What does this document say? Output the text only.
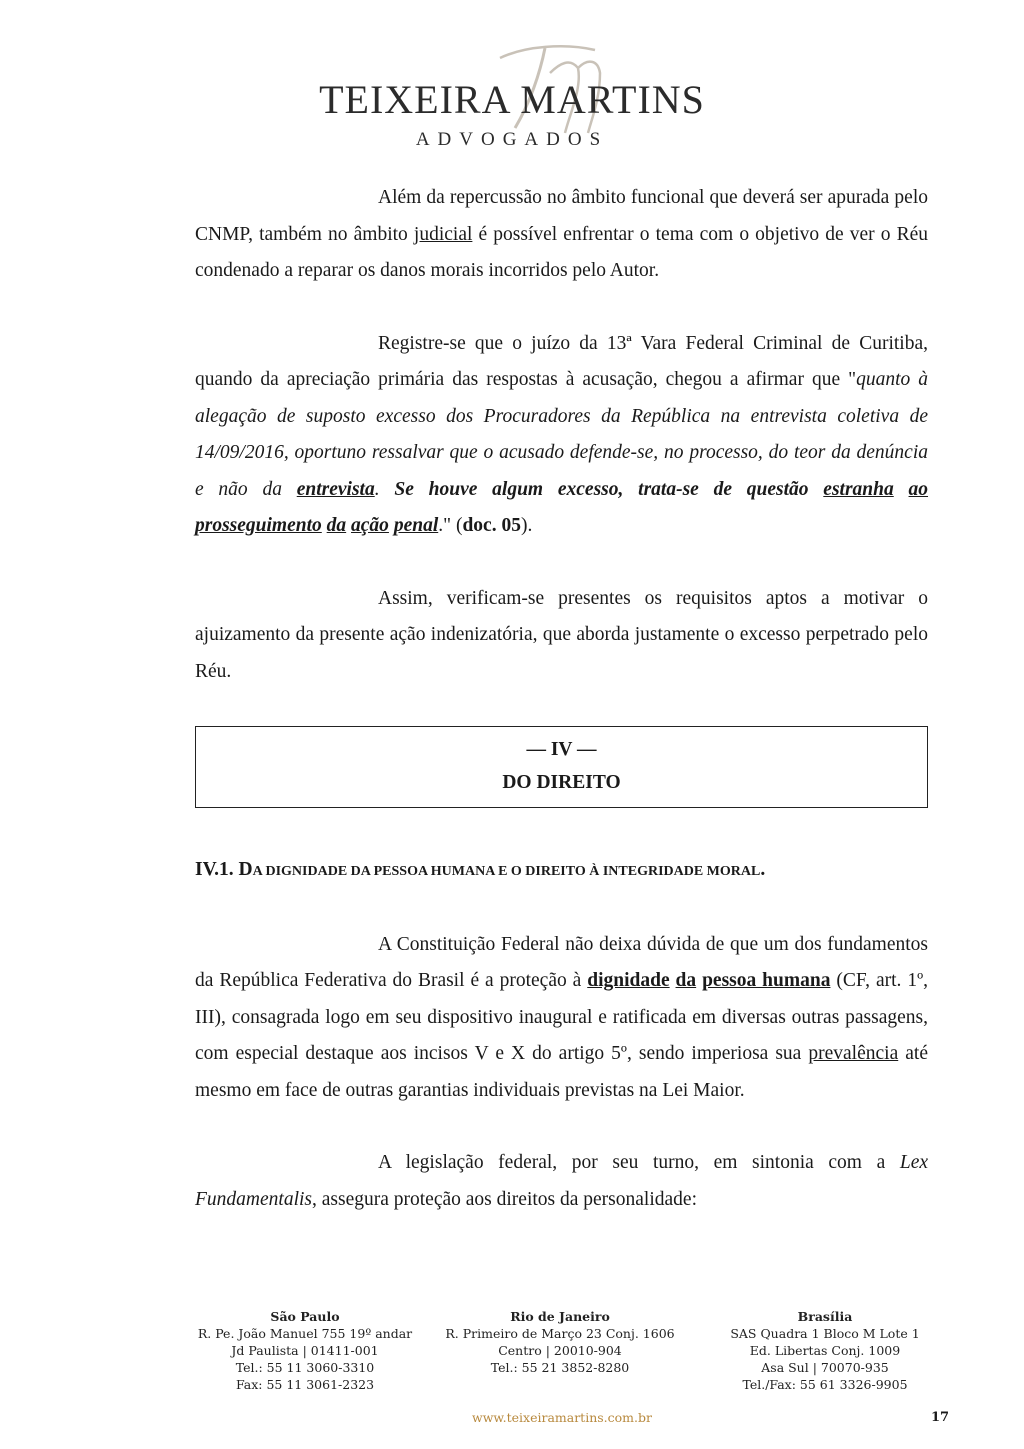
TEIXEIRA MARTINS
ADVOGADOS

Além da repercussão no âmbito funcional que deverá ser apurada pelo CNMP, também no âmbito judicial é possível enfrentar o tema com o objetivo de ver o Réu condenado a reparar os danos morais incorridos pelo Autor.

Registre-se que o juízo da 13ª Vara Federal Criminal de Curitiba, quando da apreciação primária das respostas à acusação, chegou a afirmar que "quanto à alegação de suposto excesso dos Procuradores da República na entrevista coletiva de 14/09/2016, oportuno ressalvar que o acusado defende-se, no processo, do teor da denúncia e não da entrevista. Se houve algum excesso, trata-se de questão estranha ao prosseguimento da ação penal." (doc. 05).

Assim, verificam-se presentes os requisitos aptos a motivar o ajuizamento da presente ação indenizatória, que aborda justamente o excesso perpetrado pelo Réu.

— IV —
DO DIREITO

IV.1. DA DIGNIDADE DA PESSOA HUMANA E O DIREITO À INTEGRIDADE MORAL.

A Constituição Federal não deixa dúvida de que um dos fundamentos da República Federativa do Brasil é a proteção à dignidade da pessoa humana (CF, art. 1º, III), consagrada logo em seu dispositivo inaugural e ratificada em diversas outras passagens, com especial destaque aos incisos V e X do artigo 5º, sendo imperiosa sua prevalência até mesmo em face de outras garantias individuais previstas na Lei Maior.

A legislação federal, por seu turno, em sintonia com a Lex Fundamentalis, assegura proteção aos direitos da personalidade:

São Paulo
R. Pe. João Manuel 755 19º andar
Jd Paulista | 01411-001
Tel.: 55 11 3060-3310
Fax: 55 11 3061-2323
Rio de Janeiro
R. Primeiro de Março 23 Conj. 1606
Centro | 20010-904
Tel.: 55 21 3852-8280
Brasília
SAS Quadra 1 Bloco M Lote 1
Ed. Libertas Conj. 1009
Asa Sul | 70070-935
Tel./Fax: 55 61 3326-9905
www.teixeiramartins.com.br	17
